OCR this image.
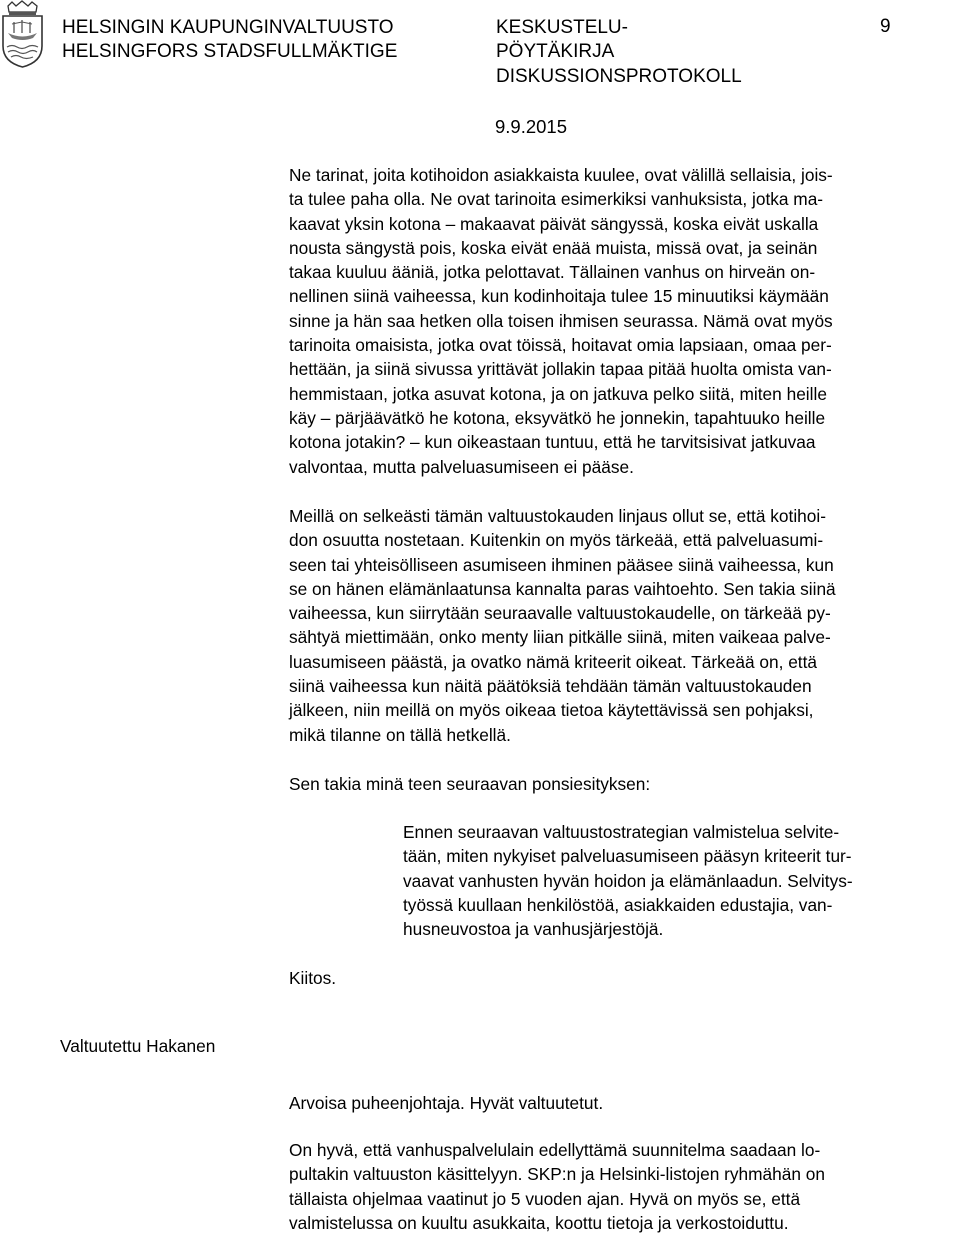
HELSINGIN KAUPUNGINVALTUUSTO
HELSINGFORS STADSFULLMÄKTIGE
KESKUSTELU-
PÖYTÄKIRJA
DISKUSSIONSPROTOKOLL
9
9.9.2015
Ne tarinat, joita kotihoidon asiakkaista kuulee, ovat välillä sellaisia, jois-
ta tulee paha olla. Ne ovat tarinoita esimerkiksi vanhuksista, jotka ma-
kaavat yksin kotona – makaavat päivät sängyssä, koska eivät uskalla
nousta sängystä pois, koska eivät enää muista, missä ovat, ja seinän
takaa kuuluu ääniä, jotka pelottavat. Tällainen vanhus on hirveän on-
nellinen siinä vaiheessa, kun kodinhoitaja tulee 15 minuutiksi käymään
sinne ja hän saa hetken olla toisen ihmisen seurassa. Nämä ovat myös
tarinoita omaisista, jotka ovat töissä, hoitavat omia lapsiaan, omaa per-
hettään, ja siinä sivussa yrittävät jollakin tapaa pitää huolta omista van-
hemmistaan, jotka asuvat kotona, ja on jatkuva pelko siitä, miten heille
käy – pärjäävätkö he kotona, eksyvätkö he jonnekin, tapahtuuko heille
kotona jotakin? – kun oikeastaan tuntuu, että he tarvitsisivat jatkuvaa
valvontaa, mutta palveluasumiseen ei pääse.
Meillä on selkeästi tämän valtuustokauden linjaus ollut se, että kotihoi-
don osuutta nostetaan. Kuitenkin on myös tärkeää, että palveluasumi-
seen tai yhteisölliseen asumiseen ihminen pääsee siinä vaiheessa, kun
se on hänen elämänlaatunsa kannalta paras vaihtoehto. Sen takia siinä
vaiheessa, kun siirrytään seuraavalle valtuustokaudelle, on tärkeää py-
sähtyä miettimään, onko menty liian pitkälle siinä, miten vaikeaa palve-
luasumiseen päästä, ja ovatko nämä kriteerit oikeat. Tärkeää on, että
siinä vaiheessa kun näitä päätöksiä tehdään tämän valtuustokauden
jälkeen, niin meillä on myös oikeaa tietoa käytettävissä sen pohjaksi,
mikä tilanne on tällä hetkellä.
Sen takia minä teen seuraavan ponsiesityksen:
Ennen seuraavan valtuustostrategian valmistelua selvite-
tään, miten nykyiset palveluasumiseen pääsyn kriteerit tur-
vaavat vanhusten hyvän hoidon ja elämänlaadun. Selvitys-
työssä kuullaan henkilöstöä, asiakkaiden edustajia, van-
husneuvostoa ja vanhusjärjestöjä.
Kiitos.
Valtuutettu Hakanen
Arvoisa puheenjohtaja. Hyvät valtuutetut.
On hyvä, että vanhuspalvelulain edellyttämä suunnitelma saadaan lo-
pultakin valtuuston käsittelyyn. SKP:n ja Helsinki-listojen ryhmähän on
tällaista ohjelmaa vaatinut jo 5 vuoden ajan. Hyvä on myös se, että
valmistelussa on kuultu asukkaita, koottu tietoja ja verkostoiduttu.
